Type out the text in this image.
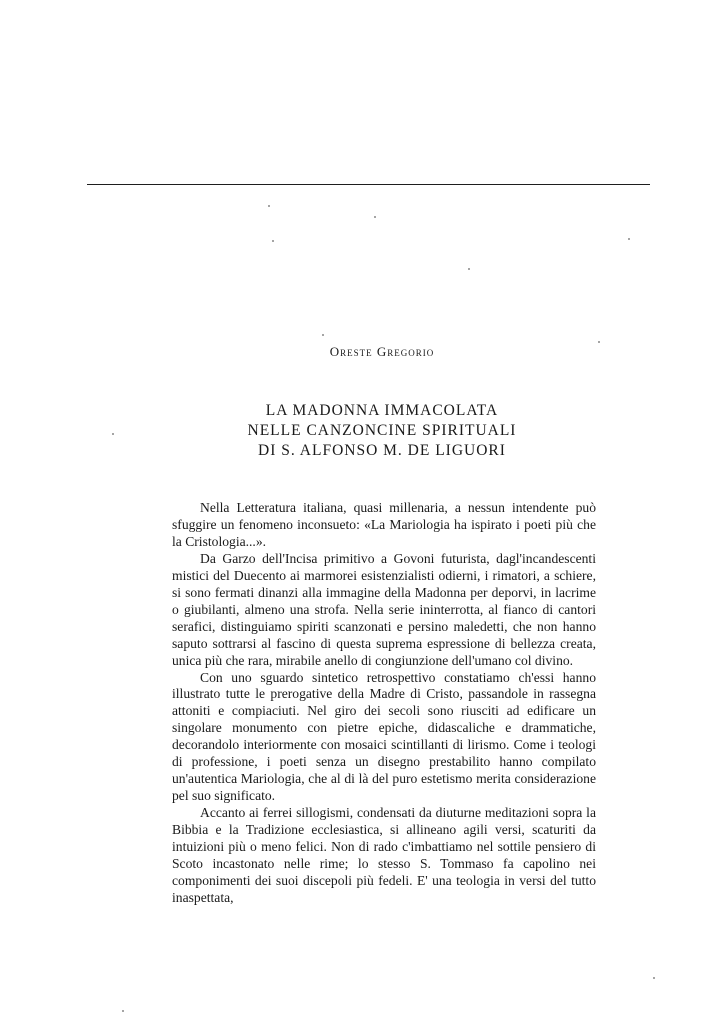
Oreste Gregorio
LA MADONNA IMMACOLATA
NELLE CANZONCINE SPIRITUALI
DI S. ALFONSO M. DE LIGUORI

Nella Letteratura italiana, quasi millenaria, a nessun intendente può sfuggire un fenomeno inconsueto: «La Mariologia ha ispirato i poeti più che la Cristologia...».

Da Garzo dell'Incisa primitivo a Govoni futurista, dagl'incandescenti mistici del Duecento ai marmorei esistenzialisti odierni, i rimatori, a schiere, si sono fermati dinanzi alla immagine della Madonna per deporvi, in lacrime o giubilanti, almeno una strofa. Nella serie ininterrotta, al fianco di cantori serafici, distinguiamo spiriti scanzonati e persino maledetti, che non hanno saputo sottrarsi al fascino di questa suprema espressione di bellezza creata, unica più che rara, mirabile anello di congiunzione dell'umano col divino.

Con uno sguardo sintetico retrospettivo constatiamo ch'essi hanno illustrato tutte le prerogative della Madre di Cristo, passandole in rassegna attoniti e compiaciuti. Nel giro dei secoli sono riusciti ad edificare un singolare monumento con pietre epiche, didascaliche e drammatiche, decorandolo interiormente con mosaici scintillanti di lirismo. Come i teologi di professione, i poeti senza un disegno prestabilito hanno compilato un'autentica Mariologia, che al di là del puro estetismo merita considerazione pel suo significato.

Accanto ai ferrei sillogismi, condensati da diuturne meditazioni sopra la Bibbia e la Tradizione ecclesiastica, si allineano agili versi, scaturiti da intuizioni più o meno felici. Non di rado c'imbattiamo nel sottile pensiero di Scoto incastonato nelle rime; lo stesso S. Tommaso fa capolino nei componimenti dei suoi discepoli più fedeli. E' una teologia in versi del tutto inaspettata,
